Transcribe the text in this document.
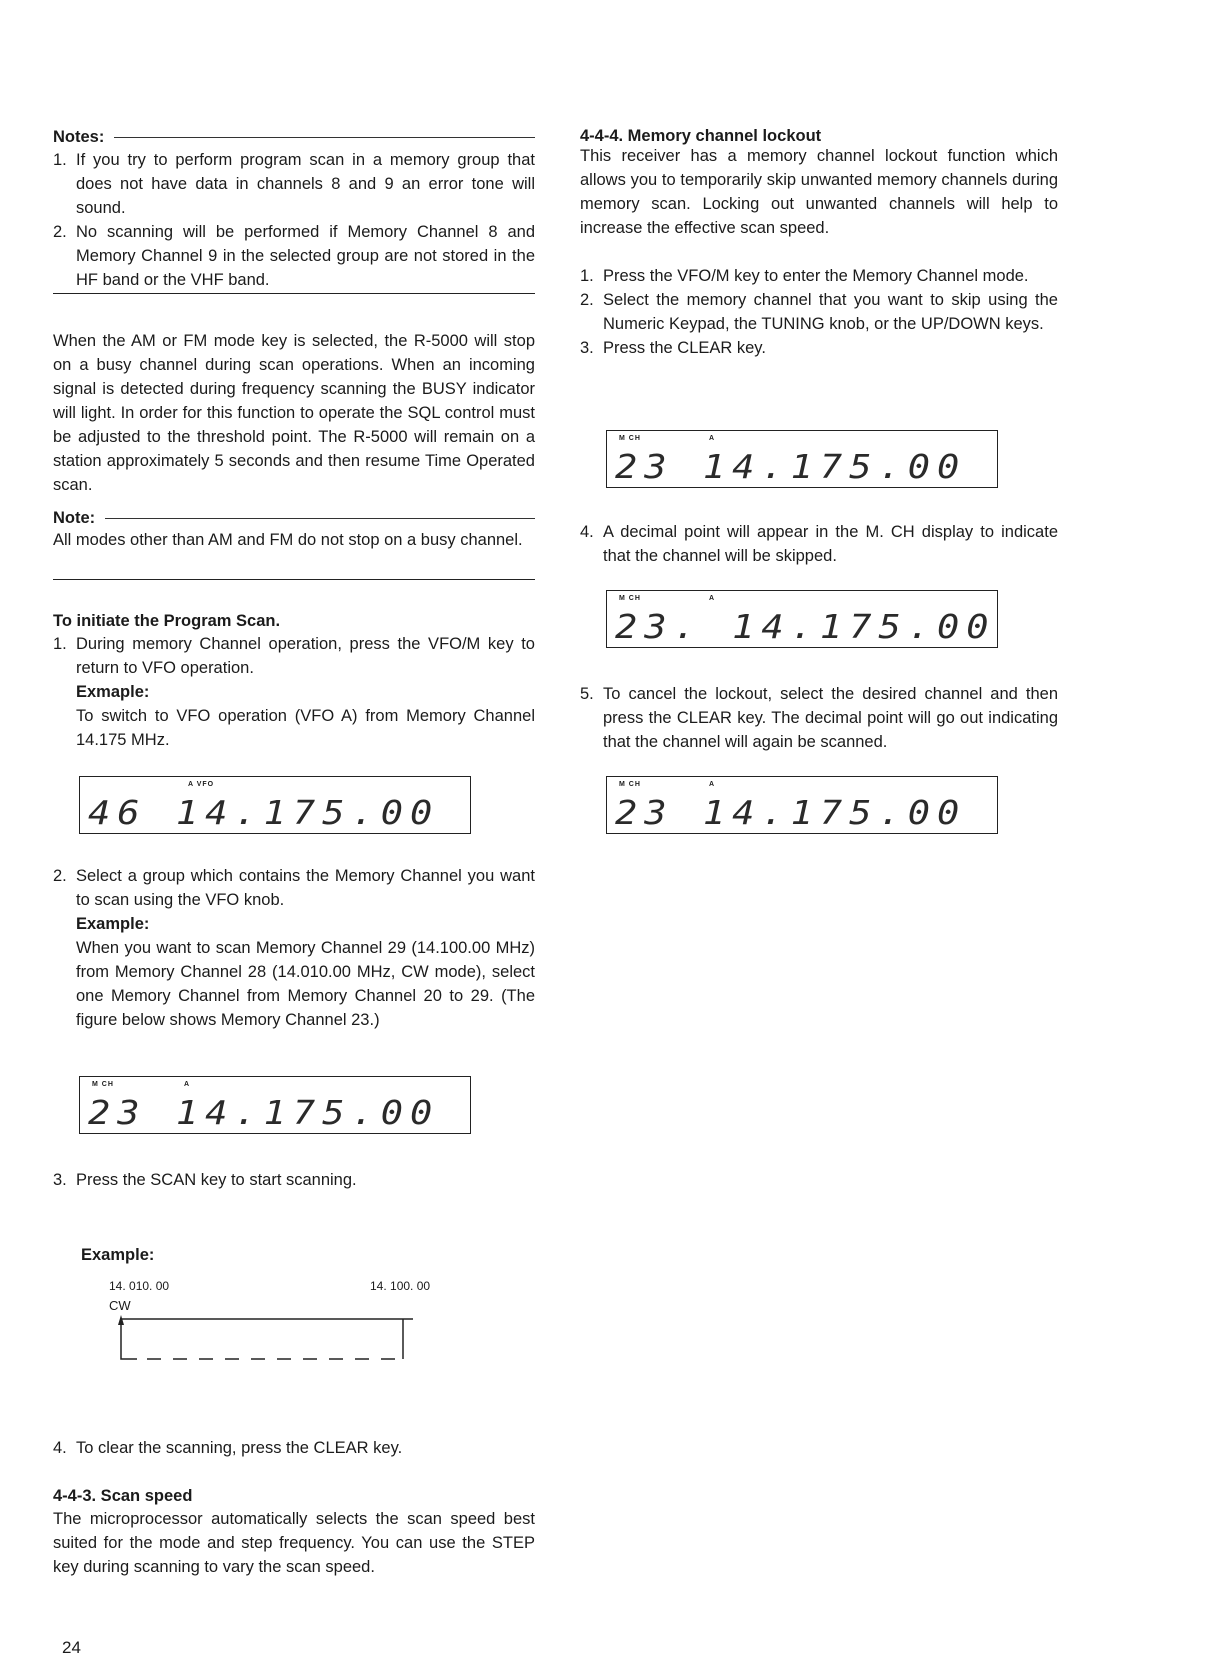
Notes:
1. If you try to perform program scan in a memory group that does not have data in channels 8 and 9 an error tone will sound.
2. No scanning will be performed if Memory Channel 8 and Memory Channel 9 in the selected group are not stored in the HF band or the VHF band.

When the AM or FM mode key is selected, the R-5000 will stop on a busy channel during scan operations. When an incoming signal is detected during frequency scanning the BUSY indicator will light. In order for this function to operate the SQL control must be adjusted to the threshold point. The R-5000 will remain on a station approximately 5 seconds and then resume Time Operated scan.

Note:

All modes other than AM and FM do not stop on a busy channel.

To initiate the Program Scan.

1. During memory Channel operation, press the VFO/M key to return to VFO operation.
Exmaple:
To switch to VFO operation (VFO A) from Memory Channel 14.175 MHz.
A VFO
46 14.175.00
2. Select a group which contains the Memory Channel you want to scan using the VFO knob.
Example:
When you want to scan Memory Channel 29 (14.100.00 MHz) from Memory Channel 28 (14.010.00 MHz, CW mode), select one Memory Channel from Memory Channel 20 to 29. (The figure below shows Memory Channel 23.)
M CH	A
23 14.175.00
3. Press the SCAN key to start scanning.

Example:

14. 010. 00	14. 100. 00
CW
4. To clear the scanning, press the CLEAR key.

4-4-3. Scan speed

The microprocessor automatically selects the scan speed best suited for the mode and step frequency. You can use the STEP key during scanning to vary the scan speed.

4-4-4. Memory channel lockout

This receiver has a memory channel lockout function which allows you to temporarily skip unwanted memory channels during memory scan. Locking out unwanted channels will help to increase the effective scan speed.

1. Press the VFO/M key to enter the Memory Channel mode.
2. Select the memory channel that you want to skip using the Numeric Keypad, the TUNING knob, or the UP/DOWN keys.
3. Press the CLEAR key.
M CH	A
23 14.175.00
4. A decimal point will appear in the M. CH display to indicate that the channel will be skipped.
M CH	A
23. 14.175.00
5. To cancel the lockout, select the desired channel and then press the CLEAR key. The decimal point will go out indicating that the channel will again be scanned.
M CH	A
23 14.175.00
24
